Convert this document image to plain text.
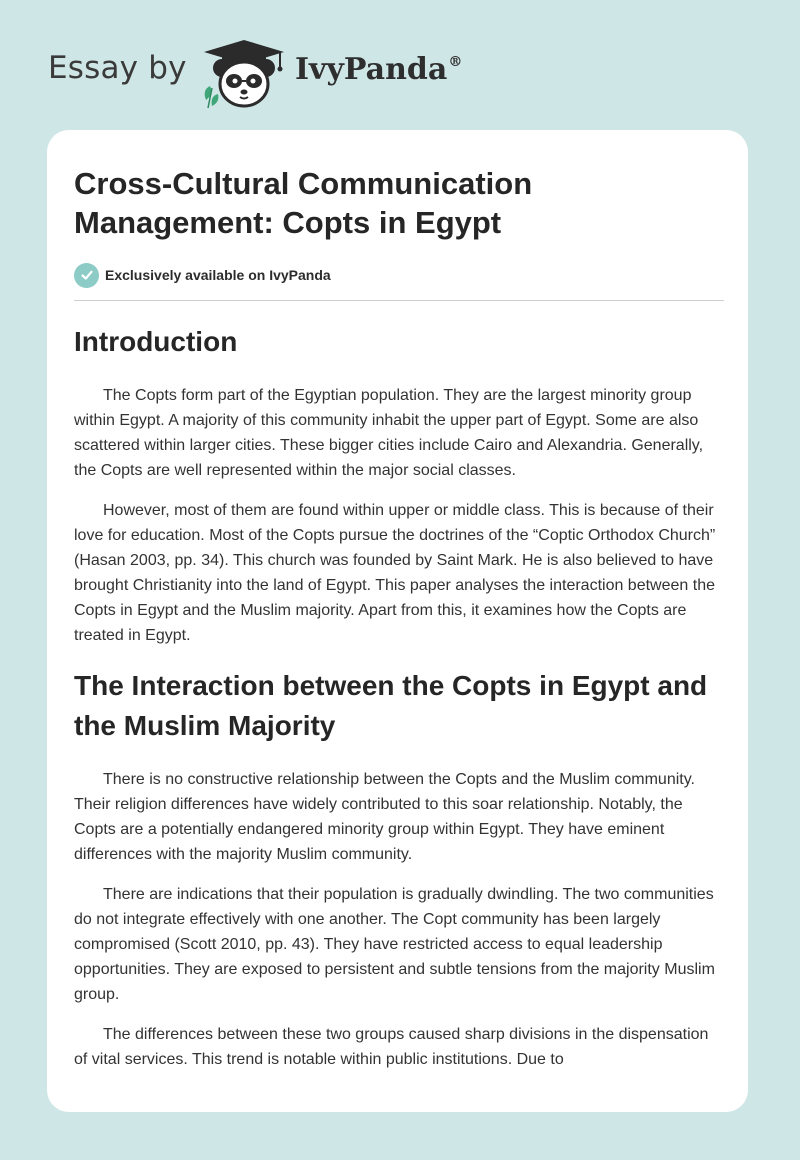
Essay by	IvyPanda®
Cross-Cultural Communication Management: Copts in Egypt
Exclusively available on IvyPanda
Introduction

The Copts form part of the Egyptian population. They are the largest minority group within Egypt. A majority of this community inhabit the upper part of Egypt. Some are also scattered within larger cities. These bigger cities include Cairo and Alexandria. Generally, the Copts are well represented within the major social classes.

However, most of them are found within upper or middle class. This is because of their love for education. Most of the Copts pursue the doctrines of the “Coptic Orthodox Church” (Hasan 2003, pp. 34). This church was founded by Saint Mark. He is also believed to have brought Christianity into the land of Egypt. This paper analyses the interaction between the Copts in Egypt and the Muslim majority. Apart from this, it examines how the Copts are treated in Egypt.

The Interaction between the Copts in Egypt and the Muslim Majority

There is no constructive relationship between the Copts and the Muslim community. Their religion differences have widely contributed to this soar relationship. Notably, the Copts are a potentially endangered minority group within Egypt. They have eminent differences with the majority Muslim community.

There are indications that their population is gradually dwindling. The two communities do not integrate effectively with one another. The Copt community has been largely compromised (Scott 2010, pp. 43). They have restricted access to equal leadership opportunities. They are exposed to persistent and subtle tensions from the majority Muslim group.

The differences between these two groups caused sharp divisions in the dispensation of vital services. This trend is notable within public institutions. Due to
